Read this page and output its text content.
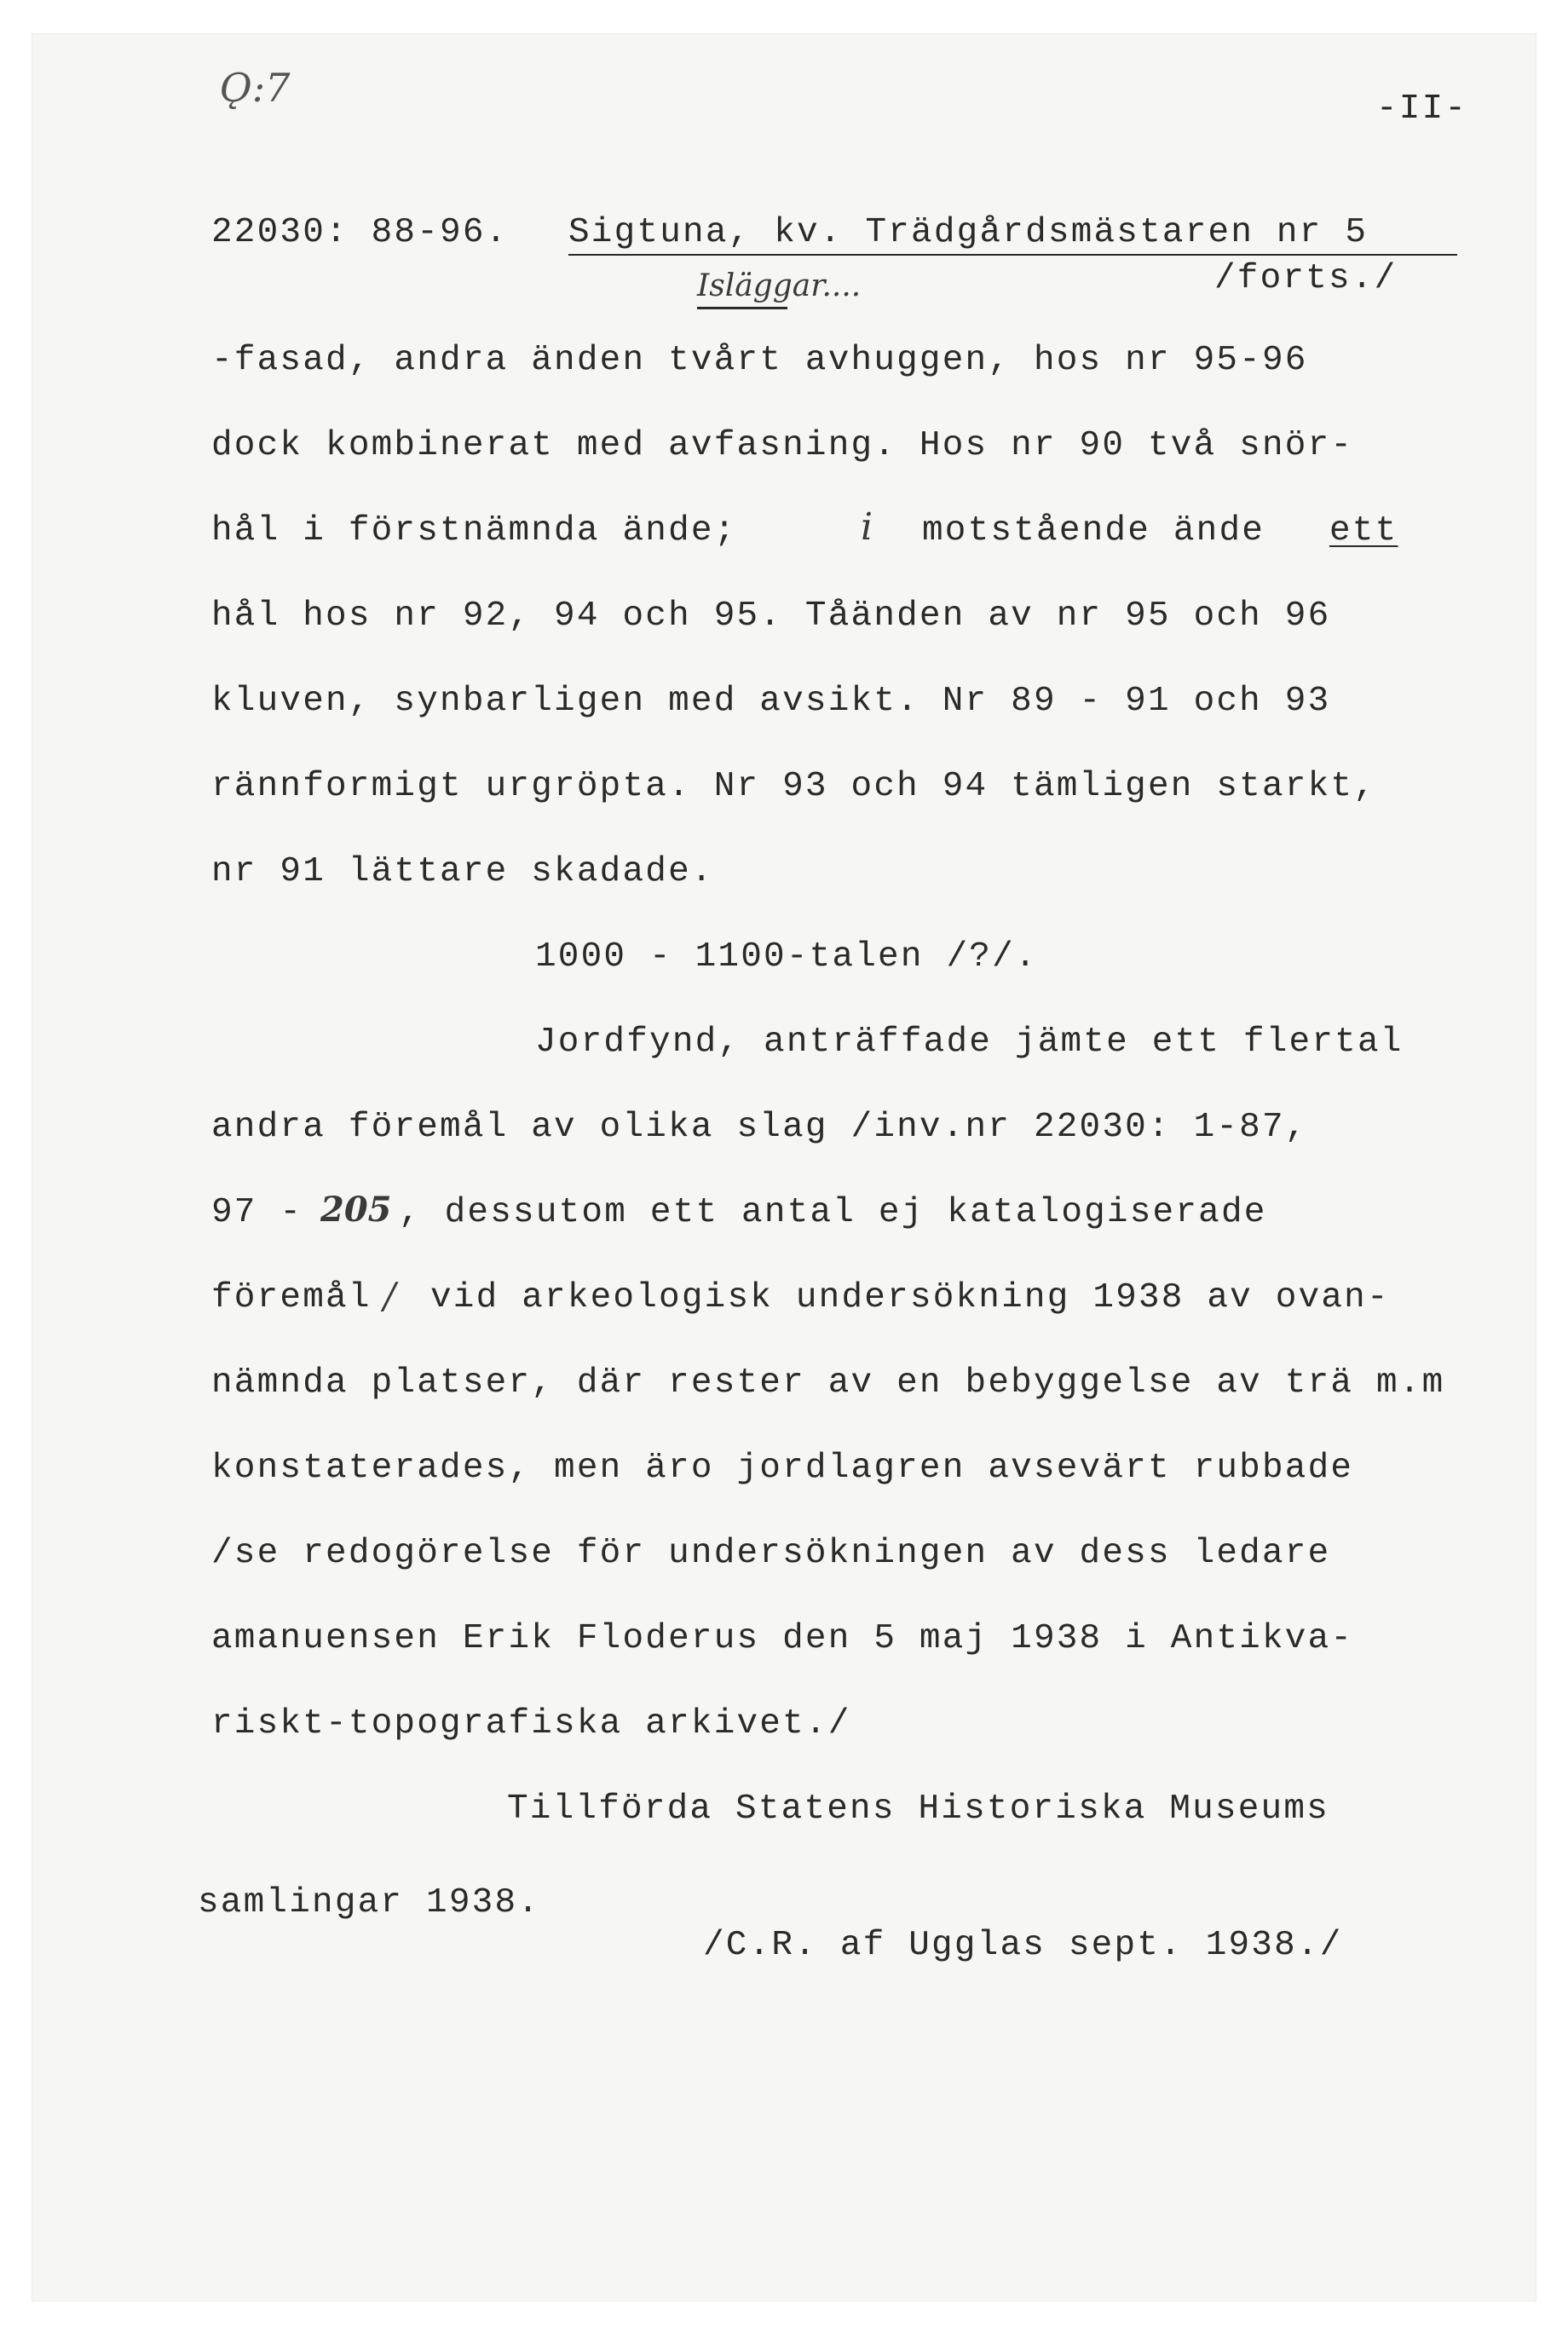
Ǫ:7	-II-
22030: 88-96. Sigtuna, kv. Trädgårdsmästaren nr 5
Isläggar....	/forts./
-fasad, andra änden tvårt avhuggen, hos nr 95-96
dock kombinerat med avfasning. Hos nr 90 två snör-
hål i förstnämnda ände;	i motstående ände ett
hål hos nr 92, 94 och 95. Tåänden av nr 95 och 96
kluven, synbarligen med avsikt. Nr 89 - 91 och 93
rännformigt urgröpta. Nr 93 och 94 tämligen starkt,
nr 91 lättare skadade.
1000 - 1100-talen /?/.
Jordfynd, anträffade jämte ett flertal
andra föremål av olika slag /inv.nr 22030: 1-87,
97 - 205 , dessutom ett antal ej katalogiserade
föremål / vid arkeologisk undersökning 1938 av ovan-
nämnda platser, där rester av en bebyggelse av trä m.m
konstaterades, men äro jordlagren avsevärt rubbade
/se redogörelse för undersökningen av dess ledare
amanuensen Erik Floderus den 5 maj 1938 i Antikva-
riskt-topografiska arkivet./
Tillförda Statens Historiska Museums
samlingar 1938.
/C.R. af Ugglas sept. 1938./
